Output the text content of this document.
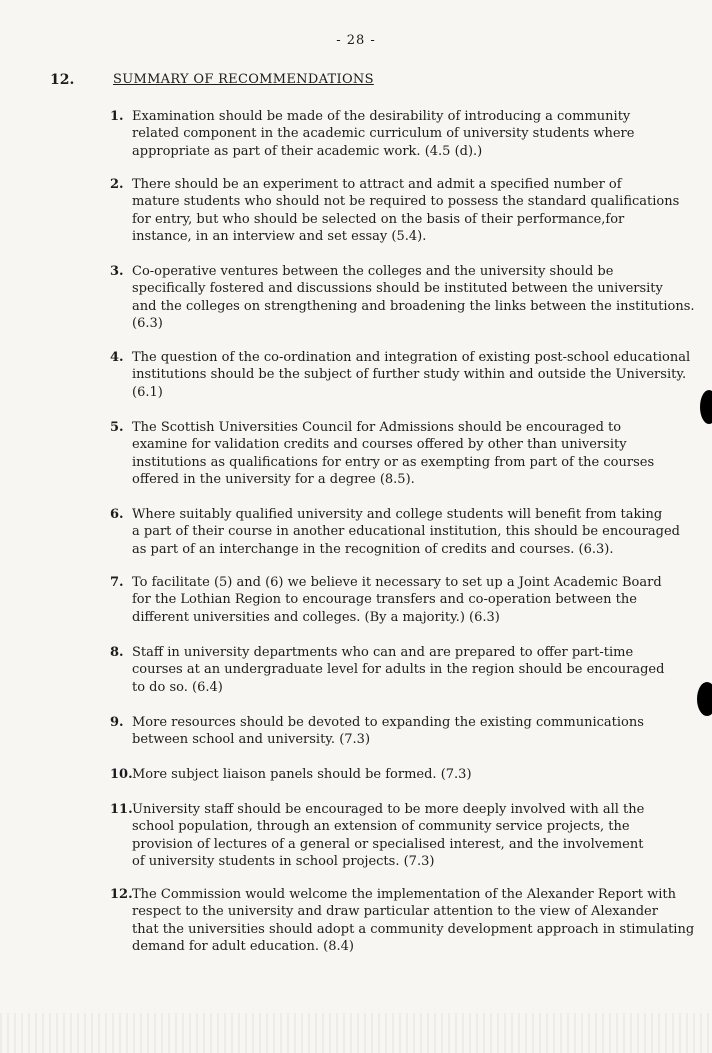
- 28 -
12.	SUMMARY OF RECOMMENDATIONS
1. Examination should be made of the desirability of introducing a community
related component in the academic curriculum of university students where
appropriate as part of their academic work. (4.5 (d).)
2. There should be an experiment to attract and admit a specified number of
mature students who should not be required to possess the standard qualifications
for entry, but who should be selected on the basis of their performance,for
instance, in an interview and set essay (5.4).
3. Co-operative ventures between the colleges and the university should be
specifically fostered and discussions should be instituted between the university
and the colleges on strengthening and broadening the links between the institutions.
(6.3)
4. The question of the co-ordination and integration of existing post-school educational
institutions should be the subject of further study within and outside the University.
(6.1)
5. The Scottish Universities Council for Admissions should be encouraged to
examine for validation credits and courses offered by other than university
institutions as qualifications for entry or as exempting from part of the courses
offered in the university for a degree (8.5).
6. Where suitably qualified university and college students will benefit from taking
a part of their course in another educational institution, this should be encouraged
as part of an interchange in the recognition of credits and courses. (6.3).
7. To facilitate (5) and (6) we believe it necessary to set up a Joint Academic Board
for the Lothian Region to encourage transfers and co-operation between the
different universities and colleges. (By a majority.) (6.3)
8. Staff in university departments who can and are prepared to offer part-time
courses at an undergraduate level for adults in the region should be encouraged
to do so. (6.4)
9. More resources should be devoted to expanding the existing communications
between school and university. (7.3)
10. More subject liaison panels should be formed. (7.3)
11. University staff should be encouraged to be more deeply involved with all the
school population, through an extension of community service projects, the
provision of lectures of a general or specialised interest, and the involvement
of university students in school projects. (7.3)
12. The Commission would welcome the implementation of the Alexander Report with
respect to the university and draw particular attention to the view of Alexander
that the universities should adopt a community development approach in stimulating
demand for adult education. (8.4)
